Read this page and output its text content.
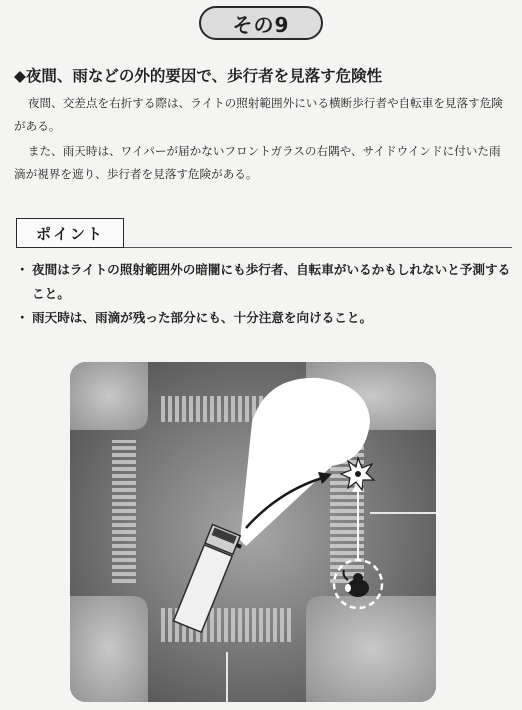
その9
◆夜間、雨などの外的要因で、歩行者を見落す危険性

夜間、交差点を右折する際は、ライトの照射範囲外にいる横断歩行者や自転車を見落す危険がある。

また、雨天時は、ワイパーが届かないフロントガラスの右隅や、サイドウインドに付いた雨滴が視界を遮り、歩行者を見落す危険がある。

ポイント
・ 夜間はライトの照射範囲外の暗闇にも歩行者、自転車がいるかもしれないと予測すること。
・ 雨天時は、雨滴が残った部分にも、十分注意を向けること。
